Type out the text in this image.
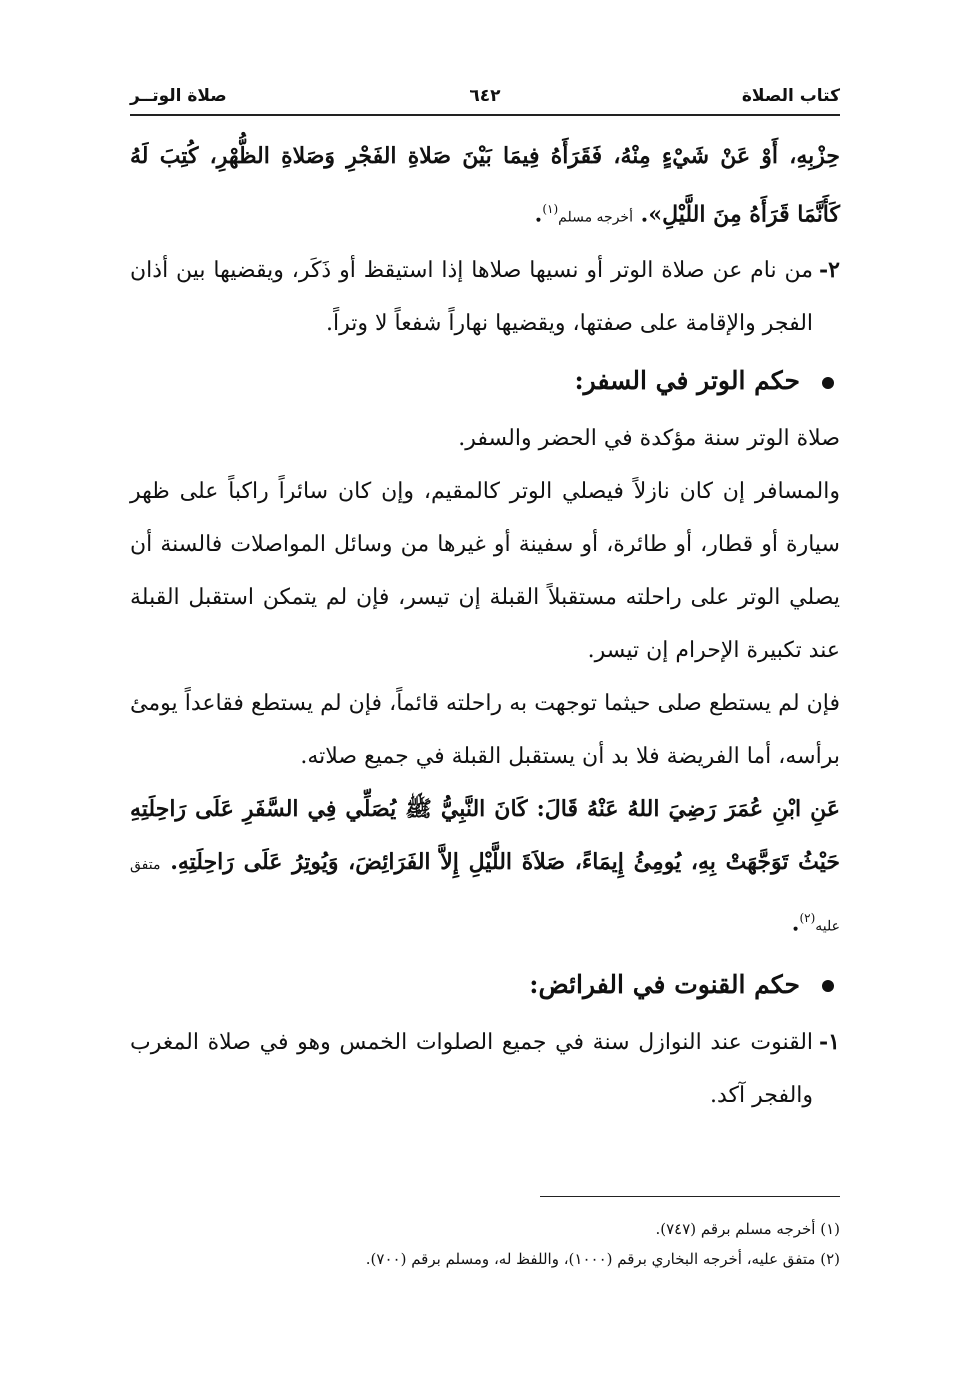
كتاب الصلاة
٦٤٢
صلاة الوتــر

حِزْبِهِ، أَوْ عَنْ شَيْءٍ مِنْهُ، فَقَرَأَهُ فِيمَا بَيْنَ صَلاةِ الفَجْرِ وَصَلاةِ الظُّهْرِ، كُتِبَ لَهُ كَأَنَّمَا قَرَأَهُ مِنَ اللَّيْلِ». أخرجه مسلم$^{(١)}$.

٢-
من نام عن صلاة الوتر أو نسيها صلاها إذا استيقظ أو ذَكَر، ويقضيها بين أذان الفجر والإقامة على صفتها، ويقضيها نهاراً شفعاً لا وتراً.
حكم الوتر في السفر:

صلاة الوتر سنة مؤكدة في الحضر والسفر.

والمسافر إن كان نازلاً فيصلي الوتر كالمقيم، وإن كان سائراً راكباً على ظهر سيارة أو قطار، أو طائرة، أو سفينة أو غيرها من وسائل المواصلات فالسنة أن يصلي الوتر على راحلته مستقبلاً القبلة إن تيسر، فإن لم يتمكن استقبل القبلة عند تكبيرة الإحرام إن تيسر.

فإن لم يستطع صلى حيثما توجهت به راحلته قائماً، فإن لم يستطع فقاعداً يومئ برأسه، أما الفريضة فلا بد أن يستقبل القبلة في جميع صلاته.

عَنِ ابْنِ عُمَرَ رَضِيَ اللهُ عَنْهُ قَالَ: كَانَ النَّبِيُّ ﷺ يُصَلِّي فِي السَّفَرِ عَلَى رَاحِلَتِهِ حَيْثُ تَوَجَّهَتْ بِهِ، يُومِئُ إِيمَاءً، صَلاَةَ اللَّيْلِ إِلاَّ الفَرَائِضَ، وَيُوتِرُ عَلَى رَاحِلَتِهِ. متفق عليه$^{(٢)}$.

حكم القنوت في الفرائض:
١-
القنوت عند النوازل سنة في جميع الصلوات الخمس وهو في صلاة المغرب والفجر آكد.

(١) أخرجه مسلم برقم (٧٤٧).

(٢) متفق عليه، أخرجه البخاري برقم (١٠٠٠)، واللفظ له، ومسلم برقم (٧٠٠).
